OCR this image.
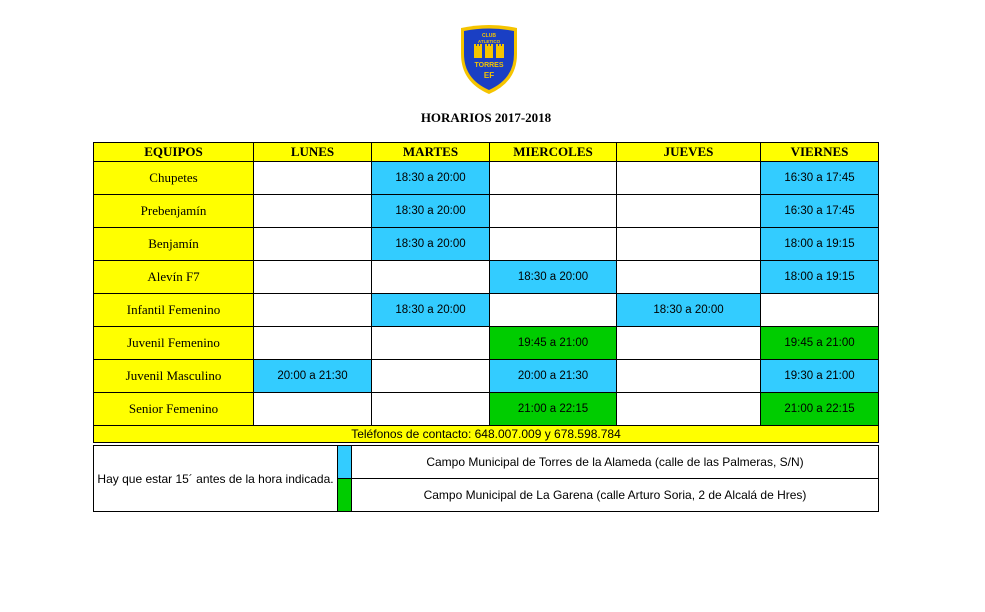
CLUB
ATLETICO
TORRES
EF
HORARIOS 2017-2018
EQUIPOS	LUNES	MARTES	MIERCOLES	JUEVES	VIERNES
Chupetes		18:30 a 20:00			16:30 a 17:45
Prebenjamín		18:30 a 20:00			16:30 a 17:45
Benjamín		18:30 a 20:00			18:00 a 19:15
Alevín F7			18:30 a 20:00		18:00 a 19:15
Infantil Femenino		18:30 a 20:00		18:30 a 20:00	
Juvenil Femenino			19:45 a 21:00		19:45 a 21:00
Juvenil Masculino	20:00 a 21:30		20:00 a 21:30		19:30 a 21:00
Senior Femenino			21:00 a 22:15		21:00 a 22:15
Teléfonos de contacto: 648.007.009 y 678.598.784					
Hay que estar 15´ antes de la hora indicada.		Campo Municipal de Torres de la Alameda (calle de las Palmeras, S/N)
		Campo Municipal de La Garena (calle Arturo Soria, 2 de Alcalá de Hres)
